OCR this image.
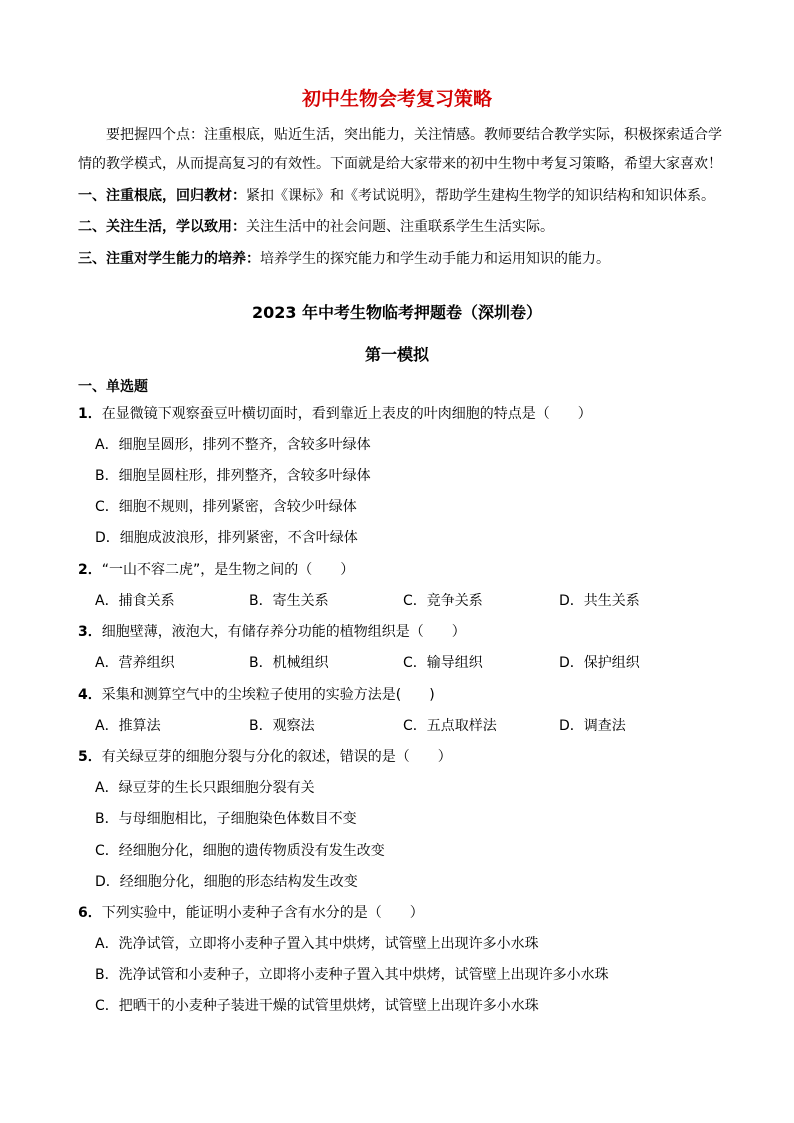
初中生物会考复习策略

要把握四个点：注重根底，贴近生活，突出能力，关注情感。教师要结合教学实际，积极探索适合学

情的教学模式，从而提高复习的有效性。下面就是给大家带来的初中生物中考复习策略，希望大家喜欢！

一、注重根底，回归教材：紧扣《课标》和《考试说明》，帮助学生建构生物学的知识结构和知识体系。

二、关注生活，学以致用：关注生活中的社会问题、注重联系学生生活实际。

三、注重对学生能力的培养：培养学生的探究能力和学生动手能力和运用知识的能力。

2023 年中考生物临考押题卷（深圳卷）
第一模拟
一、单选题
1．在显微镜下观察蚕豆叶横切面时，看到靠近上表皮的叶肉细胞的特点是（　　）
A．细胞呈圆形，排列不整齐，含较多叶绿体
B．细胞呈圆柱形，排列整齐，含较多叶绿体
C．细胞不规则，排列紧密，含较少叶绿体
D．细胞成波浪形，排列紧密，不含叶绿体
2．“一山不容二虎”，是生物之间的（　　）
A．捕食关系	B．寄生关系	C．竞争关系	D．共生关系
3．细胞壁薄，液泡大，有储存养分功能的植物组织是（　　）
A．营养组织	B．机械组织	C．输导组织	D．保护组织
4．采集和测算空气中的尘埃粒子使用的实验方法是(　　)
A．推算法	B．观察法	C．五点取样法	D．调查法
5．有关绿豆芽的细胞分裂与分化的叙述，错误的是（　　）
A．绿豆芽的生长只跟细胞分裂有关
B．与母细胞相比，子细胞染色体数目不变
C．经细胞分化，细胞的遗传物质没有发生改变
D．经细胞分化，细胞的形态结构发生改变
6．下列实验中，能证明小麦种子含有水分的是（　　）
A．洗净试管，立即将小麦种子置入其中烘烤，试管壁上出现许多小水珠
B．洗净试管和小麦种子，立即将小麦种子置入其中烘烤，试管壁上出现许多小水珠
C．把晒干的小麦种子装进干燥的试管里烘烤，试管壁上出现许多小水珠
